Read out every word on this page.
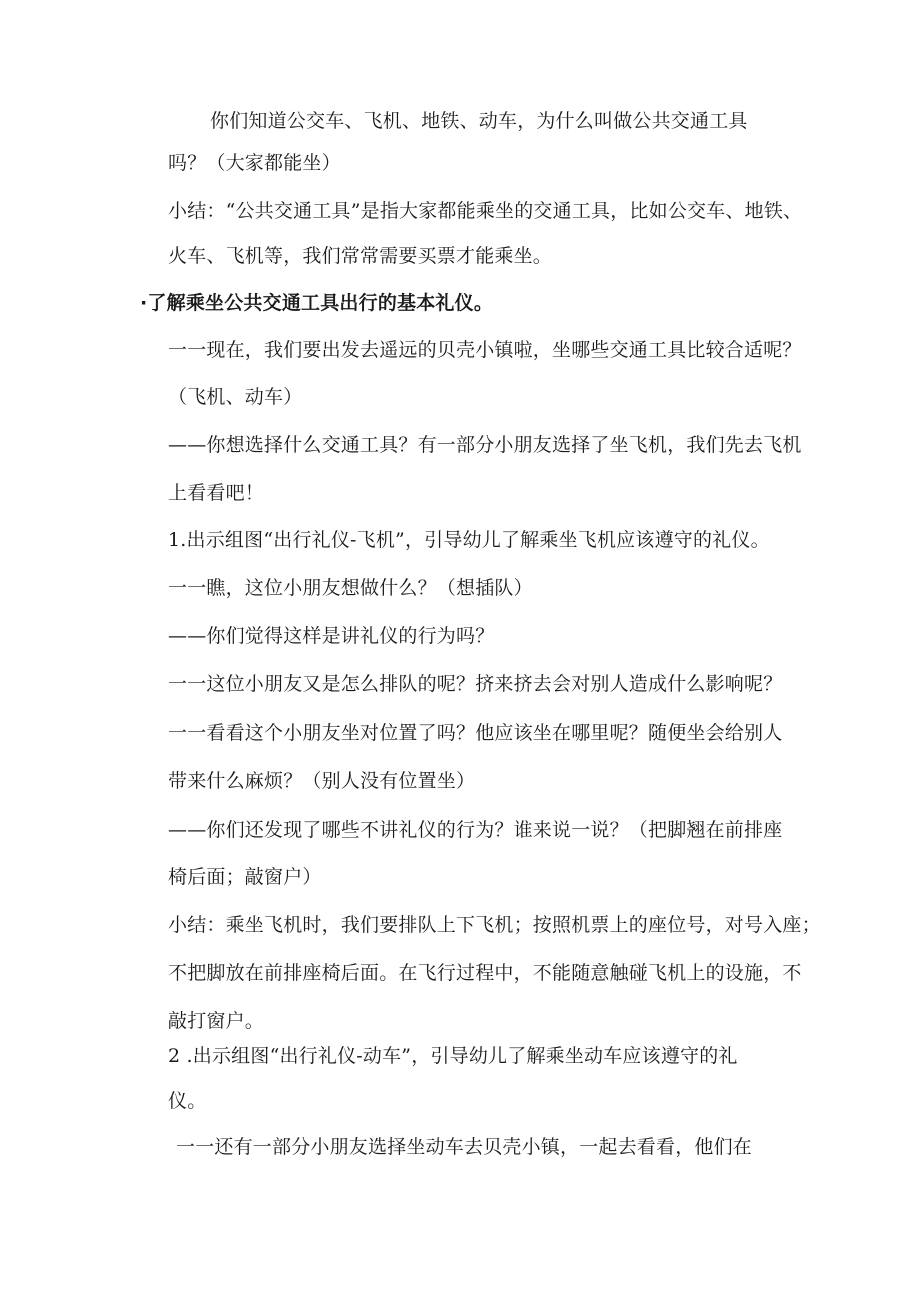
你们知道公交车、飞机、地铁、动车，为什么叫做公共交通工具
吗？（大家都能坐）
小结：“公共交通工具”是指大家都能乘坐的交通工具，比如公交车、地铁、
火车、飞机等，我们常常需要买票才能乘坐。
·了解乘坐公共交通工具出行的基本礼仪。
一一现在，我们要出发去遥远的贝壳小镇啦，坐哪些交通工具比较合适呢？
（飞机、动车）
——你想选择什么交通工具？有一部分小朋友选择了坐飞机，我们先去飞机
上看看吧！
1.出示组图“出行礼仪-飞机”，引导幼儿了解乘坐飞机应该遵守的礼仪。
一一瞧，这位小朋友想做什么？（想插队）
——你们觉得这样是讲礼仪的行为吗？
一一这位小朋友又是怎么排队的呢？挤来挤去会对别人造成什么影响呢？
一一看看这个小朋友坐对位置了吗？他应该坐在哪里呢？随便坐会给别人
带来什么麻烦？（别人没有位置坐）
——你们还发现了哪些不讲礼仪的行为？谁来说一说？（把脚翘在前排座
椅后面；敲窗户）
小结：乘坐飞机时，我们要排队上下飞机；按照机票上的座位号，对号入座；
不把脚放在前排座椅后面。在飞行过程中，不能随意触碰飞机上的设施，不
敲打窗户。
2 .出示组图“出行礼仪-动车”，引导幼儿了解乘坐动车应该遵守的礼
仪。
一一还有一部分小朋友选择坐动车去贝壳小镇，一起去看看，他们在
